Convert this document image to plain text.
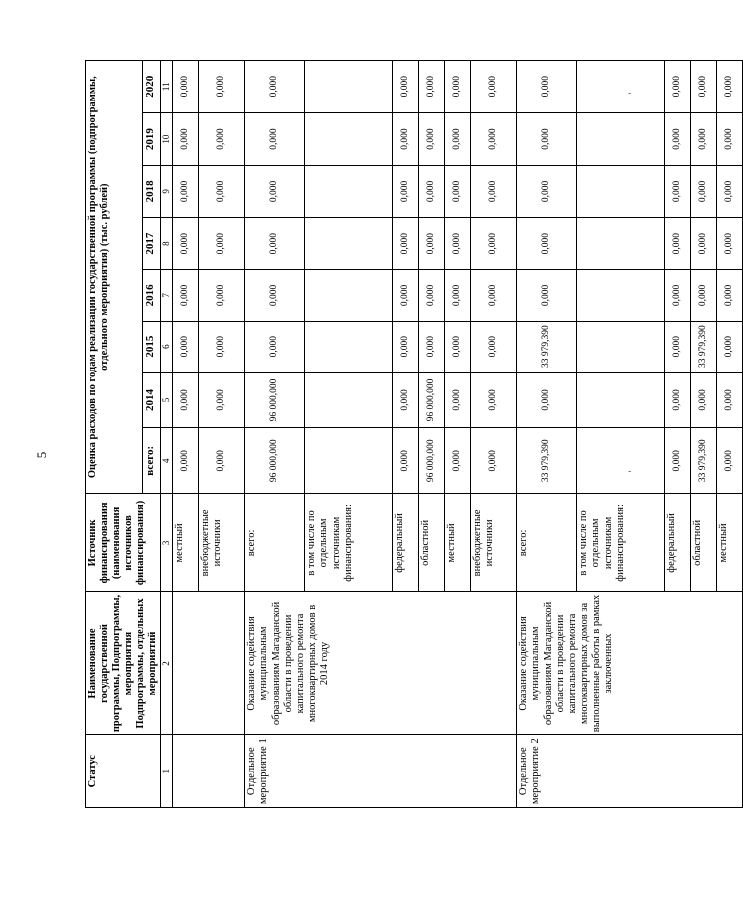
5
-
-
Статус	Наименование государственной программы, Подпрограммы, мероприятия Подпрограммы, отдельных мероприятий	Источник финансирования (наименования источников финансирования)	Оценка расходов по годам реализации государственной программы (подпрограммы, отдельного мероприятия) (тыс. рублей)							
			всего:	2014	2015	2016	2017	2018	2019	2020
1	2	3	4	5	6	7	8	9	10	11
		местный	0,000	0,000	0,000	0,000	0,000	0,000	0,000	0,000
		внебюджетные источники	0,000	0,000	0,000	0,000	0,000	0,000	0,000	0,000
Отдельное мероприятие 1	Оказание содействия муниципальным образованиям Магаданской области в проведении капитального ремонта многоквартирных домов в 2014 году	всего:	96 000,000	96 000,000	0,000	0,000	0,000	0,000	0,000	0,000
		в том числе по отдельным источникам финансирования:								
		федеральный	0,000	0,000	0,000	0,000	0,000	0,000	0,000	0,000
		областной	96 000,000	96 000,000	0,000	0,000	0,000	0,000	0,000	0,000
		местный	0,000	0,000	0,000	0,000	0,000	0,000	0,000	0,000
		внебюджетные источники	0,000	0,000	0,000	0,000	0,000	0,000	0,000	0,000
Отдельное мероприятие 2	Оказание содействия муниципальным образованиям Магаданской области в проведении капитального ремонта многоквартирных домов за выполненные работы в рамках заключенных	всего:	33 979,390	0,000	33 979,390	0,000	0,000	0,000	0,000	0,000
		в том числе по отдельным источникам финансирования:								
		федеральный	0,000	0,000	0,000	0,000	0,000	0,000	0,000	0,000
		областной	33 979,390	0,000	33 979,390	0,000	0,000	0,000	0,000	0,000
		местный	0,000	0,000	0,000	0,000	0,000	0,000	0,000	0,000
